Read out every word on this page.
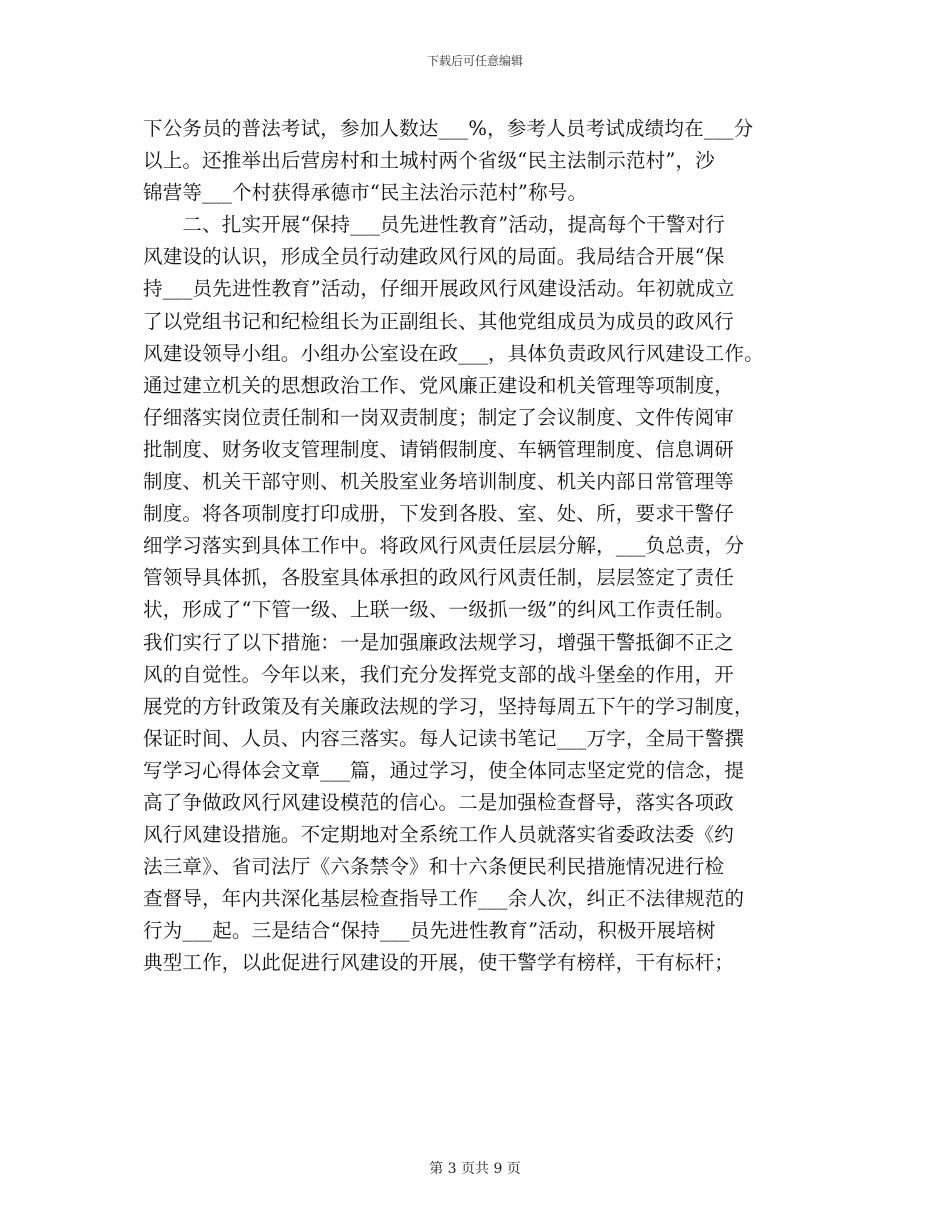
下载后可任意编辑
下公务员的普法考试，参加人数达___%，参考人员考试成绩均在___分
以上。还推举出后营房村和土城村两个省级“民主法制示范村”，沙
锦营等___个村获得承德市“民主法治示范村”称号。
　　二、扎实开展“保持___员先进性教育”活动，提高每个干警对行
风建设的认识，形成全员行动建政风行风的局面。我局结合开展“保
持___员先进性教育”活动，仔细开展政风行风建设活动。年初就成立
了以党组书记和纪检组长为正副组长、其他党组成员为成员的政风行
风建设领导小组。小组办公室设在政___，具体负责政风行风建设工作。
通过建立机关的思想政治工作、党风廉正建设和机关管理等项制度，
仔细落实岗位责任制和一岗双责制度；制定了会议制度、文件传阅审
批制度、财务收支管理制度、请销假制度、车辆管理制度、信息调研
制度、机关干部守则、机关股室业务培训制度、机关内部日常管理等
制度。将各项制度打印成册，下发到各股、室、处、所，要求干警仔
细学习落实到具体工作中。将政风行风责任层层分解，___负总责，分
管领导具体抓，各股室具体承担的政风行风责任制，层层签定了责任
状，形成了“下管一级、上联一级、一级抓一级”的纠风工作责任制。
我们实行了以下措施：一是加强廉政法规学习，增强干警抵御不正之
风的自觉性。今年以来，我们充分发挥党支部的战斗堡垒的作用，开
展党的方针政策及有关廉政法规的学习，坚持每周五下午的学习制度，
保证时间、人员、内容三落实。每人记读书笔记___万字，全局干警撰
写学习心得体会文章___篇，通过学习，使全体同志坚定党的信念，提
高了争做政风行风建设模范的信心。二是加强检查督导，落实各项政
风行风建设措施。不定期地对全系统工作人员就落实省委政法委《约
法三章》、省司法厅《六条禁令》和十六条便民利民措施情况进行检
查督导，年内共深化基层检查指导工作___余人次，纠正不法律规范的
行为___起。三是结合“保持___员先进性教育”活动，积极开展培树
典型工作，以此促进行风建设的开展，使干警学有榜样，干有标杆；
第 3 页共 9 页
